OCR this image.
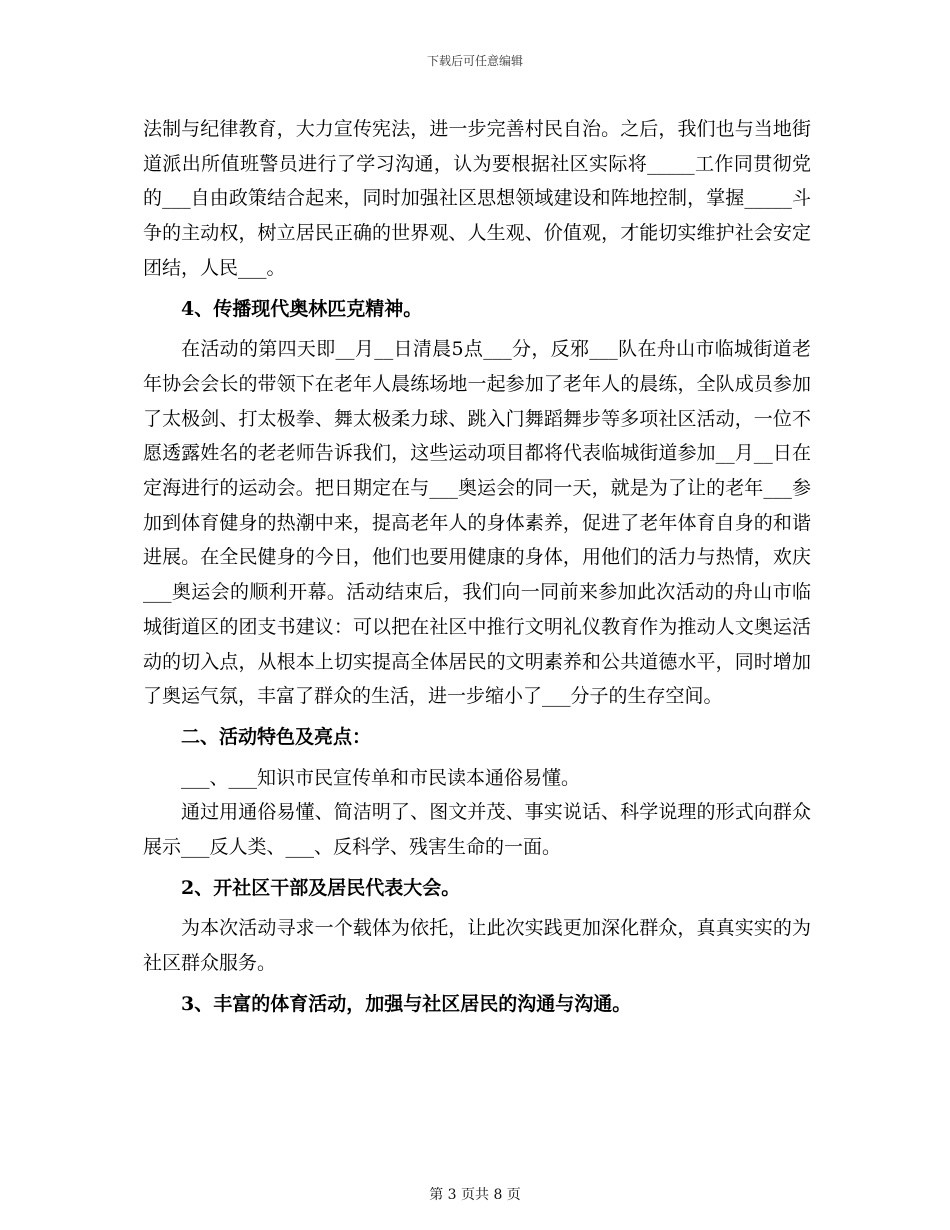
下载后可任意编辑

法制与纪律教育，大力宣传宪法，进一步完善村民自治。之后，我们也与当地街道派出所值班警员进行了学习沟通，认为要根据社区实际将_____工作同贯彻党的___自由政策结合起来，同时加强社区思想领域建设和阵地控制，掌握_____斗争的主动权，树立居民正确的世界观、人生观、价值观，才能切实维护社会安定团结，人民___。

4、传播现代奥林匹克精神。

在活动的第四天即__月__日清晨5点___分，反邪___队在舟山市临城街道老年协会会长的带领下在老年人晨练场地一起参加了老年人的晨练，全队成员参加了太极剑、打太极拳、舞太极柔力球、跳入门舞蹈舞步等多项社区活动，一位不愿透露姓名的老老师告诉我们，这些运动项目都将代表临城街道参加__月__日在定海进行的运动会。把日期定在与___奥运会的同一天，就是为了让的老年___参加到体育健身的热潮中来，提高老年人的身体素养，促进了老年体育自身的和谐进展。在全民健身的今日，他们也要用健康的身体，用他们的活力与热情，欢庆___奥运会的顺利开幕。活动结束后，我们向一同前来参加此次活动的舟山市临城街道区的团支书建议：可以把在社区中推行文明礼仪教育作为推动人文奥运活动的切入点，从根本上切实提高全体居民的文明素养和公共道德水平，同时增加了奥运气氛，丰富了群众的生活，进一步缩小了___分子的生存空间。

二、活动特色及亮点：

___、___知识市民宣传单和市民读本通俗易懂。

通过用通俗易懂、简洁明了、图文并茂、事实说话、科学说理的形式向群众展示___反人类、___、反科学、残害生命的一面。

2、开社区干部及居民代表大会。

为本次活动寻求一个载体为依托，让此次实践更加深化群众，真真实实的为社区群众服务。

3、丰富的体育活动，加强与社区居民的沟通与沟通。

第 3 页共 8 页
